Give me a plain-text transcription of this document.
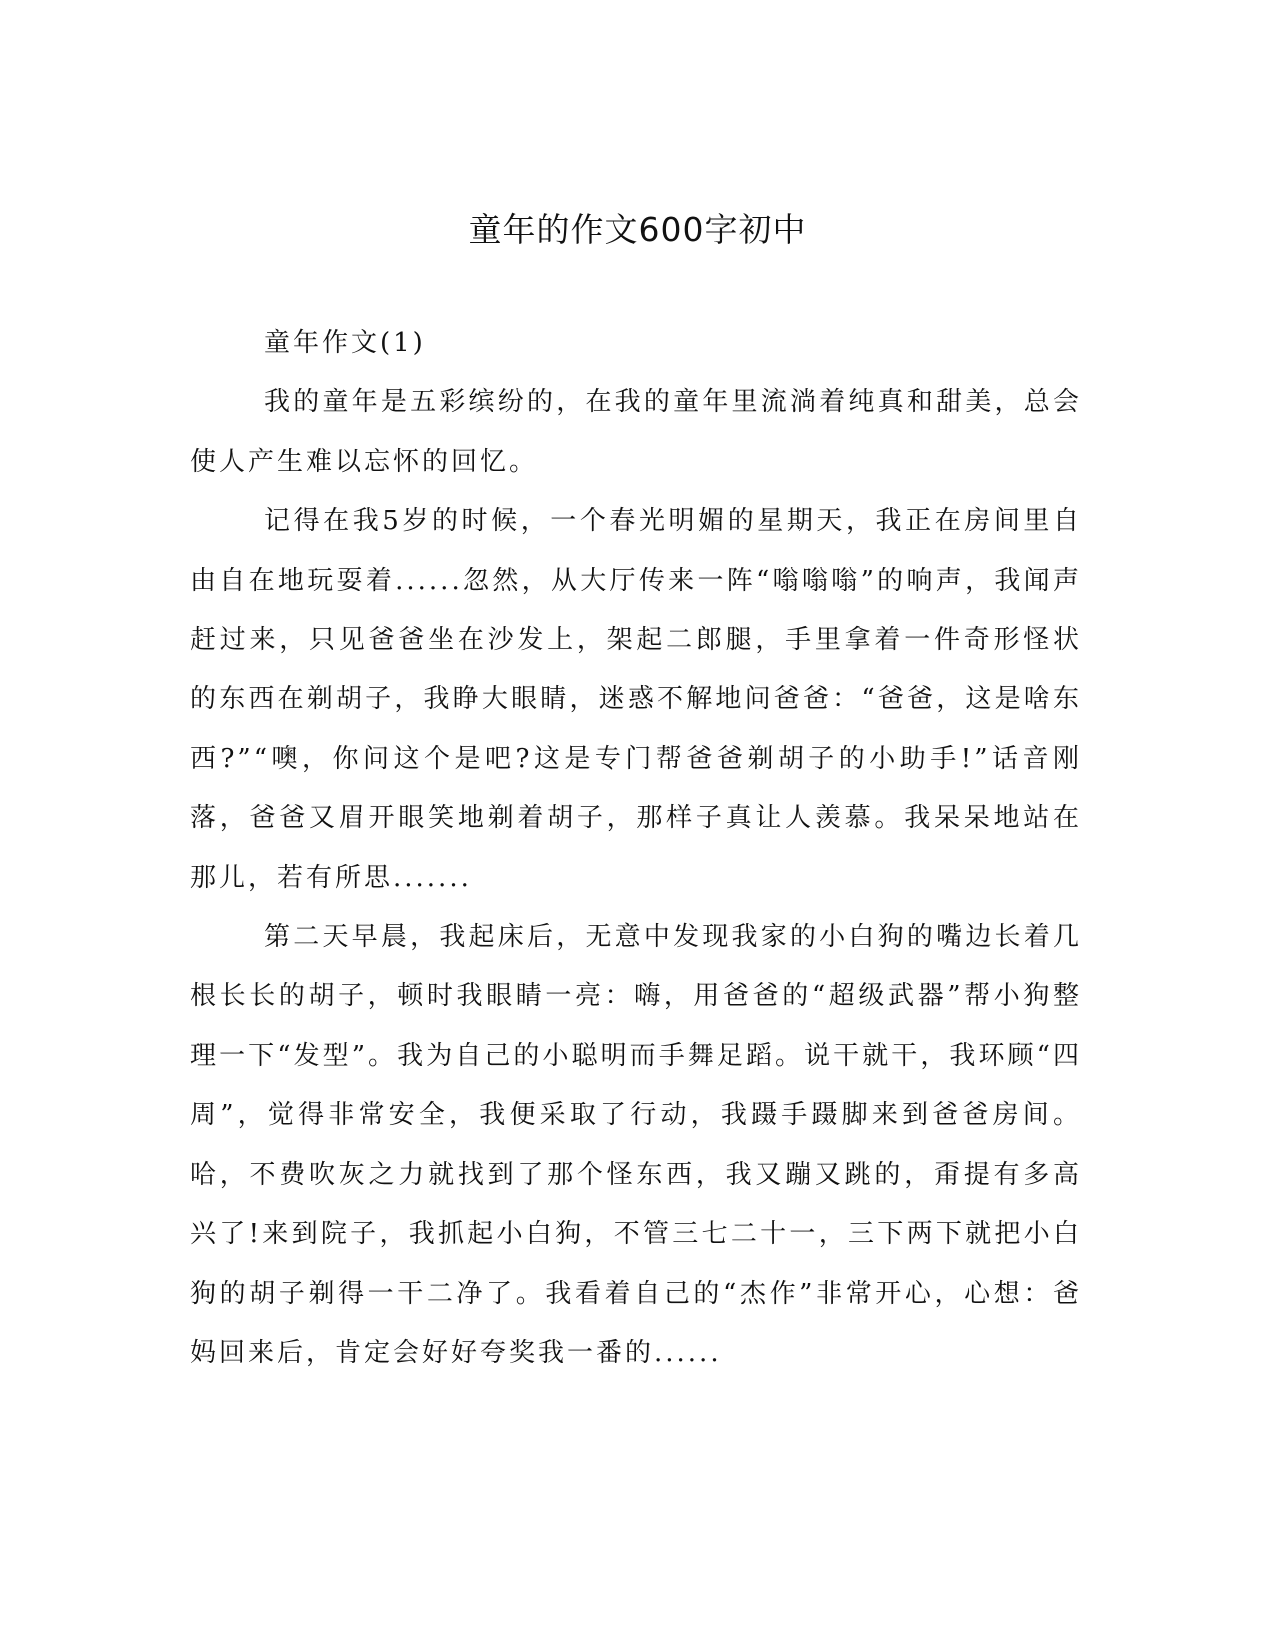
童年的作文600字初中

童年作文(1)

我的童年是五彩缤纷的，在我的童年里流淌着纯真和甜美，总会使人产生难以忘怀的回忆。

记得在我5岁的时候，一个春光明媚的星期天，我正在房间里自由自在地玩耍着......忽然，从大厅传来一阵“嗡嗡嗡”的响声，我闻声赶过来，只见爸爸坐在沙发上，架起二郎腿，手里拿着一件奇形怪状的东西在剃胡子，我睁大眼睛，迷惑不解地问爸爸：“爸爸，这是啥东西?”“噢，你问这个是吧?这是专门帮爸爸剃胡子的小助手!”话音刚落，爸爸又眉开眼笑地剃着胡子，那样子真让人羡慕。我呆呆地站在那儿，若有所思.......

第二天早晨，我起床后，无意中发现我家的小白狗的嘴边长着几根长长的胡子，顿时我眼睛一亮：嗨，用爸爸的“超级武器”帮小狗整理一下“发型”。我为自己的小聪明而手舞足蹈。说干就干，我环顾“四周”，觉得非常安全，我便采取了行动，我蹑手蹑脚来到爸爸房间。哈，不费吹灰之力就找到了那个怪东西，我又蹦又跳的，甭提有多高兴了!来到院子，我抓起小白狗，不管三七二十一，三下两下就把小白狗的胡子剃得一干二净了。我看着自己的“杰作”非常开心，心想：爸妈回来后，肯定会好好夸奖我一番的......
